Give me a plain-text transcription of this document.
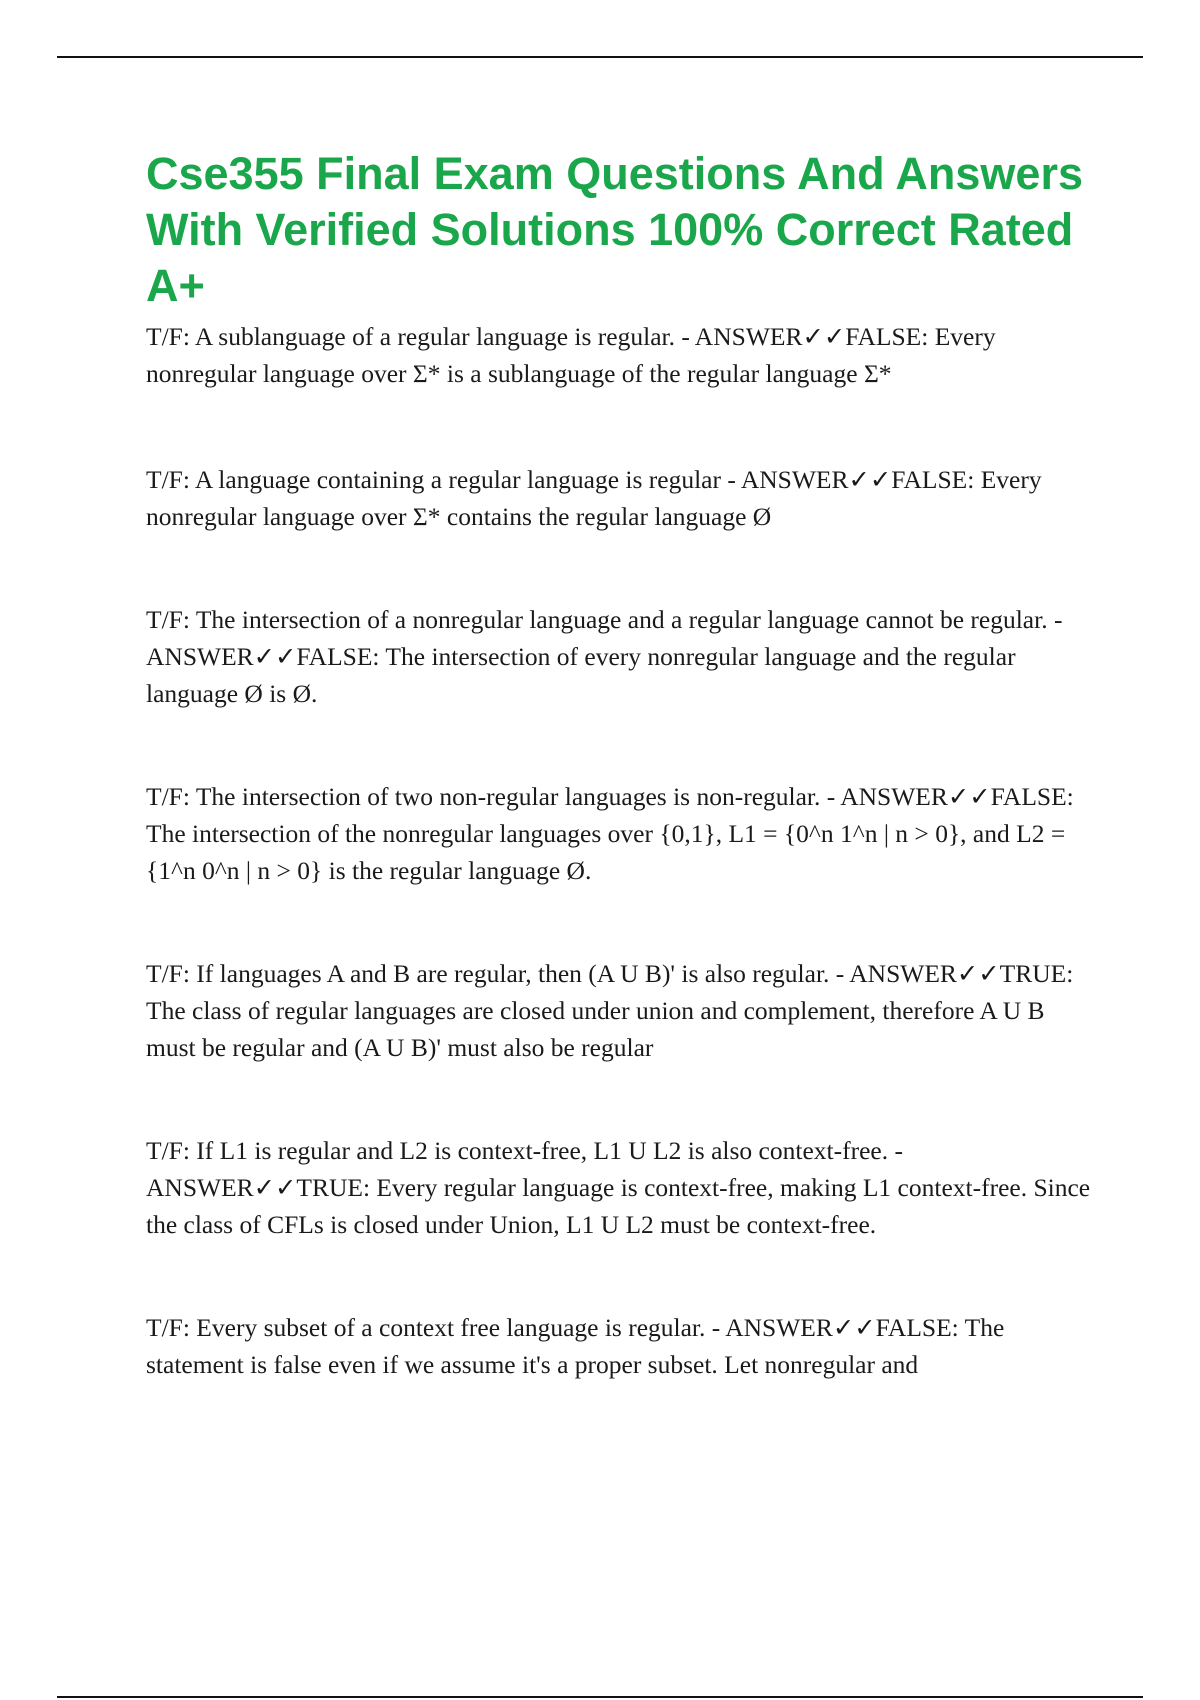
Cse355 Final Exam Questions And Answers With Verified Solutions 100% Correct Rated A+

T/F: A sublanguage of a regular language is regular. - ANSWER✓✓FALSE: Every nonregular language over Σ* is a sublanguage of the regular language Σ*

T/F: A language containing a regular language is regular - ANSWER✓✓FALSE: Every nonregular language over Σ* contains the regular language Ø

T/F: The intersection of a nonregular language and a regular language cannot be regular. - ANSWER✓✓FALSE: The intersection of every nonregular language and the regular language Ø is Ø.

T/F: The intersection of two non-regular languages is non-regular. - ANSWER✓✓FALSE: The intersection of the nonregular languages over {0,1}, L1 = {0^n 1^n | n > 0}, and L2 = {1^n 0^n | n > 0} is the regular language Ø.

T/F: If languages A and B are regular, then (A U B)' is also regular. - ANSWER✓✓TRUE: The class of regular languages are closed under union and complement, therefore A U B must be regular and (A U B)' must also be regular

T/F: If L1 is regular and L2 is context-free, L1 U L2 is also context-free. - ANSWER✓✓TRUE: Every regular language is context-free, making L1 context-free. Since the class of CFLs is closed under Union, L1 U L2 must be context-free.

T/F: Every subset of a context free language is regular. - ANSWER✓✓FALSE: The statement is false even if we assume it's a proper subset. Let nonregular and
